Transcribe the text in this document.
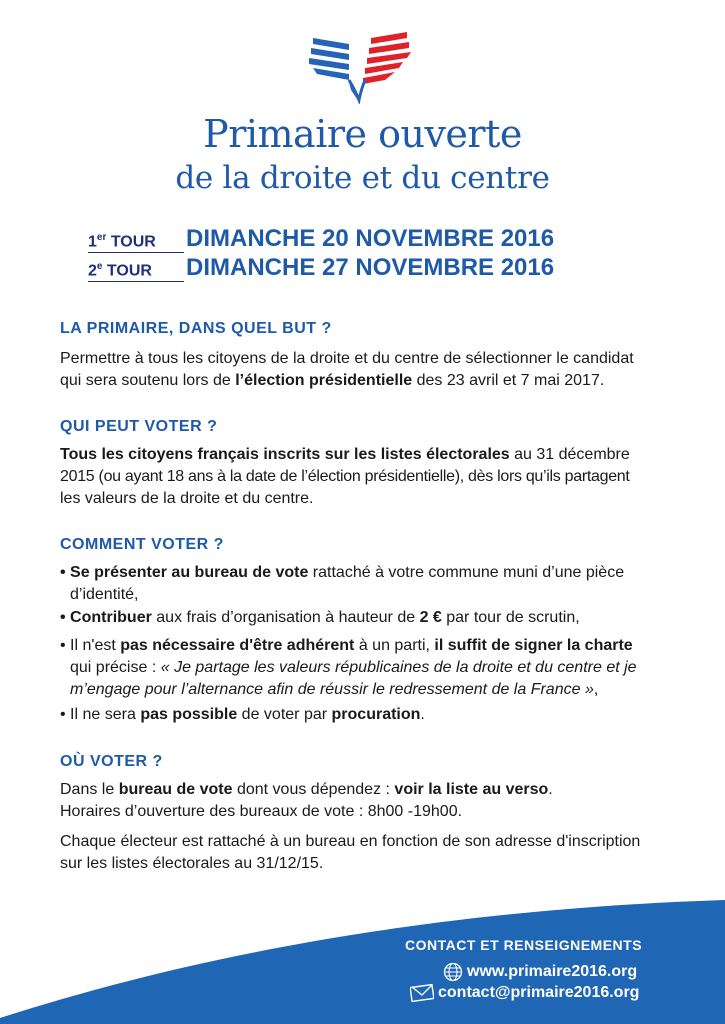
Primaire ouverte
de la droite et du centre
1er TOUR	DIMANCHE 20 NOVEMBRE 2016
2e TOUR	DIMANCHE 27 NOVEMBRE 2016
LA PRIMAIRE, DANS QUEL BUT ?
Permettre à tous les citoyens de la droite et du centre de sélectionner le candidat
qui sera soutenu lors de l’élection présidentielle des 23 avril et 7 mai 2017.
QUI PEUT VOTER ?
Tous les citoyens français inscrits sur les listes électorales au 31 décembre
2015 (ou ayant 18 ans à la date de l’élection présidentielle), dès lors qu’ils partagent
les valeurs de la droite et du centre.
COMMENT VOTER ?
• Se présenter au bureau de vote rattaché à votre commune muni d’une pièce
d’identité,
• Contribuer aux frais d’organisation à hauteur de 2 € par tour de scrutin,
• Il n'est pas nécessaire d'être adhérent à un parti, il suffit de signer la charte
qui précise : « Je partage les valeurs républicaines de la droite et du centre et je
m’engage pour l’alternance afin de réussir le redressement de la France »,
• Il ne sera pas possible de voter par procuration.
OÙ VOTER ?
Dans le bureau de vote dont vous dépendez : voir la liste au verso.
Horaires d’ouverture des bureaux de vote : 8h00 -19h00.
Chaque électeur est rattaché à un bureau en fonction de son adresse d'inscription
sur les listes électorales au 31/12/15.
CONTACT ET RENSEIGNEMENTS
www.primaire2016.org
contact@primaire2016.org
